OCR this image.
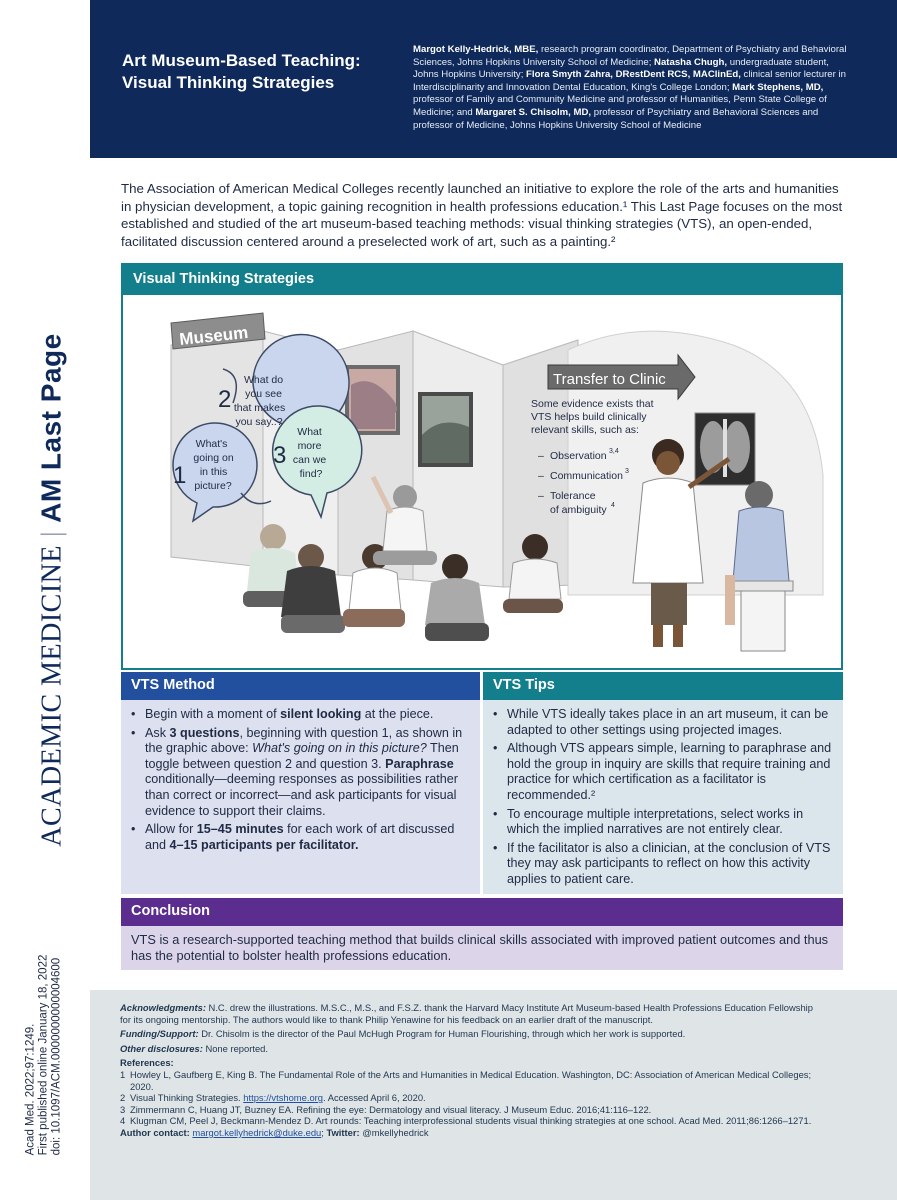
ACADEMIC MEDICINE|AM Last Page
Acad Med. 2022;97:1249. First published online January 18, 2022 doi: 10.1097/ACM.0000000000004600
Art Museum-Based Teaching:
Visual Thinking Strategies
Margot Kelly-Hedrick, MBE, research program coordinator, Department of Psychiatry and Behavioral Sciences, Johns Hopkins University School of Medicine; Natasha Chugh, undergraduate student, Johns Hopkins University; Flora Smyth Zahra, DRestDent RCS, MAClinEd, clinical senior lecturer in Interdisciplinarity and Innovation Dental Education, King's College London; Mark Stephens, MD, professor of Family and Community Medicine and professor of Humanities, Penn State College of Medicine; and Margaret S. Chisolm, MD, professor of Psychiatry and Behavioral Sciences and professor of Medicine, Johns Hopkins University School of Medicine

The Association of American Medical Colleges recently launched an initiative to explore the role of the arts and humanities in physician development, a topic gaining recognition in health professions education.¹ This Last Page focuses on the most established and studied of the art museum-based teaching methods: visual thinking strategies (VTS), an open-ended, facilitated discussion centered around a preselected work of art, such as a painting.²

Visual Thinking Strategies
Museum
2
What do you see that makes you say..?
1
What's going on in this picture?
3
What more can we find?
Transfer to Clinic
Some evidence exists that VTS helps build clinically relevant skills, such as:
– Observation 3,4
– Communication 3
– Tolerance
of ambiguity 4
VTS Method
• Begin with a moment of silent looking at the piece.
• Ask 3 questions, beginning with question 1, as shown in the graphic above: What's going on in this picture? Then toggle between question 2 and question 3. Paraphrase conditionally—deeming responses as possibilities rather than correct or incorrect—and ask participants for visual evidence to support their claims.
• Allow for 15–45 minutes for each work of art discussed and 4–15 participants per facilitator.
VTS Tips
• While VTS ideally takes place in an art museum, it can be adapted to other settings using projected images.
• Although VTS appears simple, learning to paraphrase and hold the group in inquiry are skills that require training and practice for which certification as a facilitator is recommended.²
• To encourage multiple interpretations, select works in which the implied narratives are not entirely clear.
• If the facilitator is also a clinician, at the conclusion of VTS they may ask participants to reflect on how this activity applies to patient care.
Conclusion
VTS is a research-supported teaching method that builds clinical skills associated with improved patient outcomes and thus has the potential to bolster health professions education.

Acknowledgments: N.C. drew the illustrations. M.S.C., M.S., and F.S.Z. thank the Harvard Macy Institute Art Museum-based Health Professions Education Fellowship for its ongoing mentorship. The authors would like to thank Philip Yenawine for his feedback on an earlier draft of the manuscript.

Funding/Support: Dr. Chisolm is the director of the Paul McHugh Program for Human Flourishing, through which her work is supported.

Other disclosures: None reported.

References:
1 Howley L, Gaufberg E, King B. The Fundamental Role of the Arts and Humanities in Medical Education. Washington, DC: Association of American Medical Colleges; 2020.
2 Visual Thinking Strategies. https://vtshome.org. Accessed April 6, 2020.
3 Zimmermann C, Huang JT, Buzney EA. Refining the eye: Dermatology and visual literacy. J Museum Educ. 2016;41:116–122.
4 Klugman CM, Peel J, Beckmann-Mendez D. Art rounds: Teaching interprofessional students visual thinking strategies at one school. Acad Med. 2011;86:1266–1271.

Author contact: margot.kellyhedrick@duke.edu; Twitter: @mkellyhedrick
